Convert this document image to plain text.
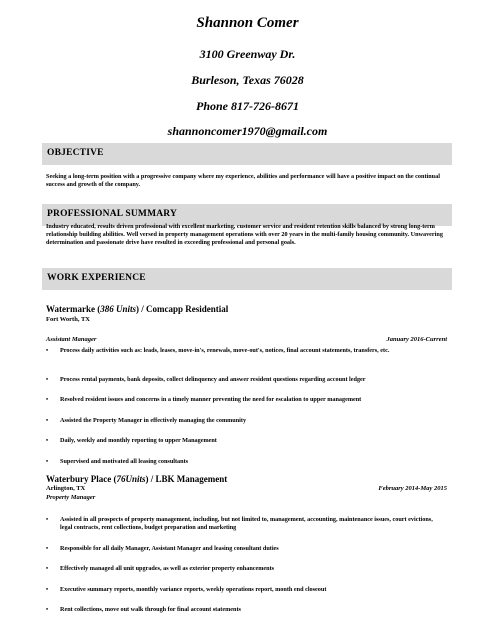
Shannon Comer
3100 Greenway Dr.
Burleson, Texas 76028
Phone 817-726-8671
shannoncomer1970@gmail.com
OBJECTIVE
Seeking a long-term position with a progressive company where my experience, abilities and performance will have a positive impact on the continual success and growth of the company.
PROFESSIONAL SUMMARY
Industry educated, results driven professional with excellent marketing, customer service and resident retention skills balanced by strong long-term relationship building abilities. Well versed in property management operations with over 20 years in the multi-family housing community. Unwavering determination and passionate drive have resulted in exceeding professional and personal goals.
WORK EXPERIENCE
Watermarke (386 Units) / Comcapp Residential
Fort Worth, TX
Assistant Manager	January 2016-Current
• Process daily activities such as: leads, leases, move-in's, renewals, move-out's, notices, final account statements, transfers, etc.
• Process rental payments, bank deposits, collect delinquency and answer resident questions regarding account ledger
• Resolved resident issues and concerns in a timely manner preventing the need for escalation to upper management
• Assisted the Property Manager in effectively managing the community
• Daily, weekly and monthly reporting to upper Management
• Supervised and motivated all leasing consultants
Waterbury Place (76Units) / LBK Management
Arlington, TX	February 2014-May 2015
Property Manager
• Assisted in all prospects of property management, including, but not limited to, management, accounting, maintenance issues, court evictions, legal contracts, rent collections, budget preparation and marketing
• Responsible for all daily Manager, Assistant Manager and leasing consultant duties
• Effectively managed all unit upgrades, as well as exterior property enhancements
• Executive summary reports, monthly variance reports, weekly operations report, month end closeout
• Rent collections, move out walk through for final account statements
